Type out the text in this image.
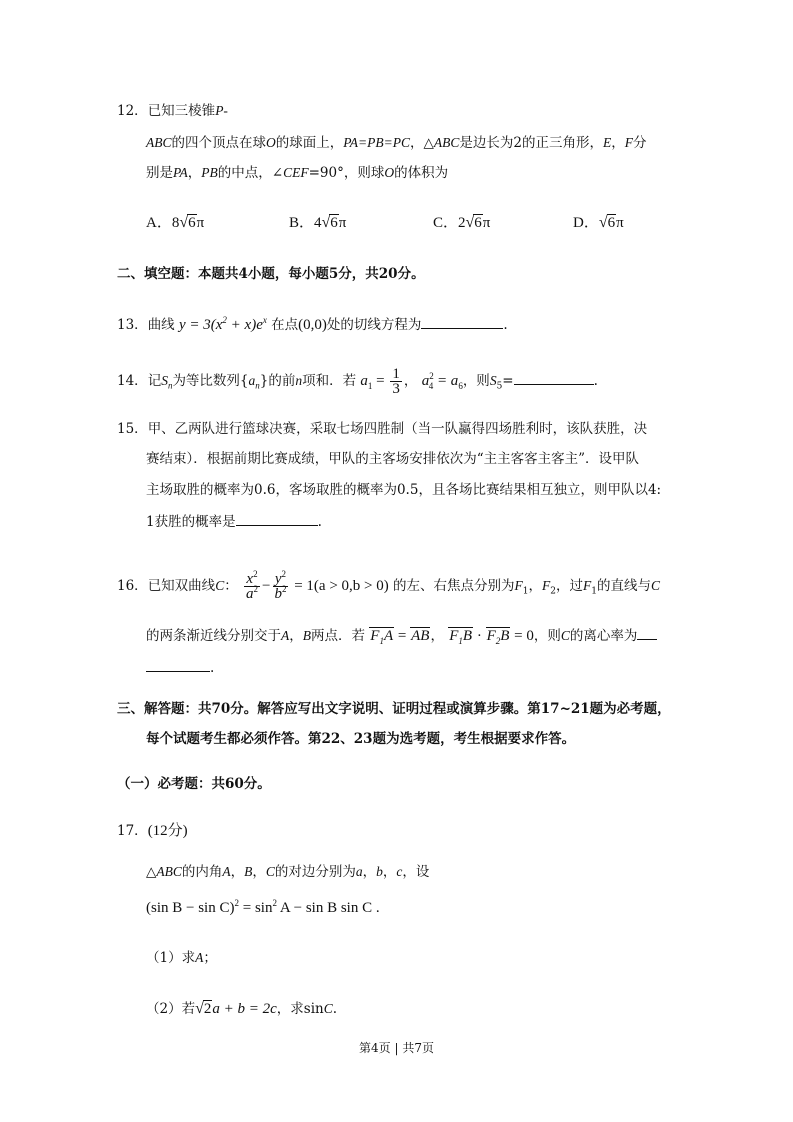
12．已知三棱锥P-
ABC的四个顶点在球O的球面上，PA=PB=PC，△ABC是边长为2的正三角形，E，F分
别是PA，PB的中点，∠CEF=90°，则球O的体积为
A．8√6π	B．4√6π	C．2√6π	D．√6π
二、填空题：本题共4小题，每小题5分，共20分。
13．曲线 $y = 3(x^2 + x)e^x$ 在点(0,0)处的切线方程为	.
14．记$S_n$为等比数列$\{a_n\}$的前n项和．若 $a_1 = \frac{1}{3}$ ， $a^2_4 = a_6$，则$S_5=$	.
15．甲、乙两队进行篮球决赛，采取七场四胜制（当一队赢得四场胜利时，该队获胜，决
赛结束）．根据前期比赛成绩，甲队的主客场安排依次为“主主客客主客主”．设甲队
主场取胜的概率为0.6，客场取胜的概率为0.5，且各场比赛结果相互独立，则甲队以4:
1获胜的概率是	.
16．已知双曲线C： $\frac{x^2}{a^2} - \frac{y^2}{b^2} = 1(a > 0,b > 0)$ 的左、右焦点分别为$F_1$，$F_2$，过$F_1$的直线与C
的两条渐近线分别交于A，B两点．若 $F_1A$ = AB， $F_1B \cdot F_2B = 0$，则C的离心率为
.
三、解答题：共70分。解答应写出文字说明、证明过程或演算步骤。第17~21题为必考题，
每个试题考生都必须作答。第22、23题为选考题，考生根据要求作答。
（一）必考题：共60分。
17．(12分)
△ABC的内角A，B，C的对边分别为a，b，c，设
(sin $B - \sin C)^2 = \sin^2 A - \sin B$ sin C .
（1）求A；
（2）若√2a + b = 2c，求sinC.
第4页 | 共7页
